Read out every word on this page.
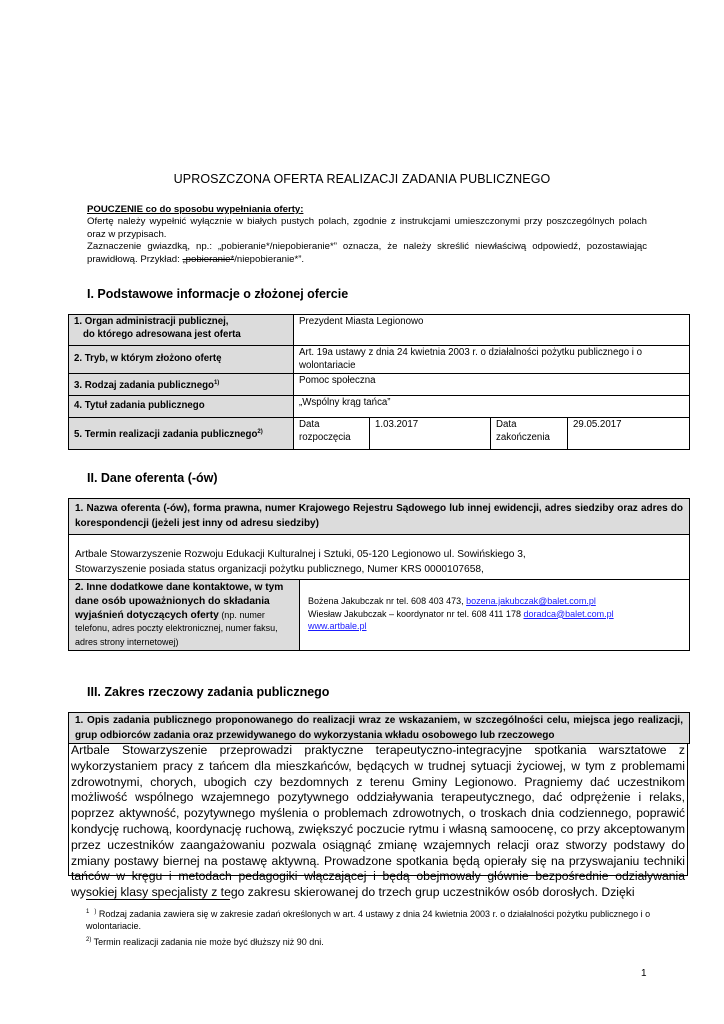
UPROSZCZONA OFERTA REALIZACJI ZADANIA PUBLICZNEGO
POUCZENIE co do sposobu wypełniania oferty:
Ofertę należy wypełnić wyłącznie w białych pustych polach, zgodnie z instrukcjami umieszczonymi przy poszczególnych polach oraz w przypisach.
Zaznaczenie gwiazdką, np.: „pobieranie*/niepobieranie*” oznacza, że należy skreślić niewłaściwą odpowiedź, pozostawiając prawidłową. Przykład: „pobieranie*/niepobieranie*”.
I. Podstawowe informacje o złożonej ofercie
1. Organ administracji publicznej,
do którego adresowana jest oferta	Prezydent Miasta Legionowo			
2. Tryb, w którym złożono ofertę	Art. 19a ustawy z dnia 24 kwietnia 2003 r. o działalności pożytku publicznego i o wolontariacie			
3. Rodzaj zadania publicznego$^{1)}$	Pomoc społeczna			
4. Tytuł zadania publicznego	„Wspólny krąg tańca”			
5. Termin realizacji zadania publicznego$^{2)}$	Data rozpoczęcia	1.03.2017	Data zakończenia	29.05.2017
II. Dane oferenta (-ów)
1. Nazwa oferenta (-ów), forma prawna, numer Krajowego Rejestru Sądowego lub innej ewidencji, adres siedziby oraz adres do korespondencji (jeżeli jest inny od adresu siedziby)
Artbale Stowarzyszenie Rozwoju Edukacji Kulturalnej i Sztuki, 05-120 Legionowo ul. Sowińskiego 3,
Stowarzyszenie posiada status organizacji pożytku publicznego, Numer KRS 0000107658,
2. Inne dodatkowe dane kontaktowe, w tym dane osób upoważnionych do składania wyjaśnień dotyczących oferty (np. numer telefonu, adres poczty elektronicznej, numer faksu, adres strony internetowej)
Bożena Jakubczak nr tel. 608 403 473, bozena.jakubczak@balet.com.pl
Wiesław Jakubczak – koordynator nr tel. 608 411 178 doradca@balet.com.pl
www.artbale.pl
III. Zakres rzeczowy zadania publicznego
1. Opis zadania publicznego proponowanego do realizacji wraz ze wskazaniem, w szczególności celu, miejsca jego realizacji, grup odbiorców zadania oraz przewidywanego do wykorzystania wkładu osobowego lub rzeczowego
Artbale Stowarzyszenie przeprowadzi praktyczne terapeutyczno-integracyjne spotkania warsztatowe z wykorzystaniem pracy z tańcem dla mieszkańców, będących w trudnej sytuacji życiowej, w tym z problemami zdrowotnymi, chorych, ubogich czy bezdomnych z terenu Gminy Legionowo. Pragniemy dać uczestnikom możliwość wspólnego wzajemnego pozytywnego oddziaływania terapeutycznego, dać odprężenie i relaks, poprzez aktywność, pozytywnego myślenia o problemach zdrowotnych, o troskach dnia codziennego, poprawić kondycję ruchową, koordynację ruchową, zwiększyć poczucie rytmu i własną samoocenę, co przy akceptowanym przez uczestników zaangażowaniu pozwala osiągnąć zmianę wzajemnych relacji oraz stworzy podstawy do zmiany postawy biernej na postawę aktywną. Prowadzone spotkania będą opierały się na przyswajaniu techniki tańców w kręgu i metodach pedagogiki włączającej i będą obejmowały głównie bezpośrednie odziaływania wysokiej klasy specjalisty z tego zakresu skierowanej do trzech grup uczestników osób dorosłych. Dzięki
$^1$ ) Rodzaj zadania zawiera się w zakresie zadań określonych w art. 4 ustawy z dnia 24 kwietnia 2003 r. o działalności pożytku publicznego i o wolontariacie.
$^{2)}$ Termin realizacji zadania nie może być dłuższy niż 90 dni.
1
